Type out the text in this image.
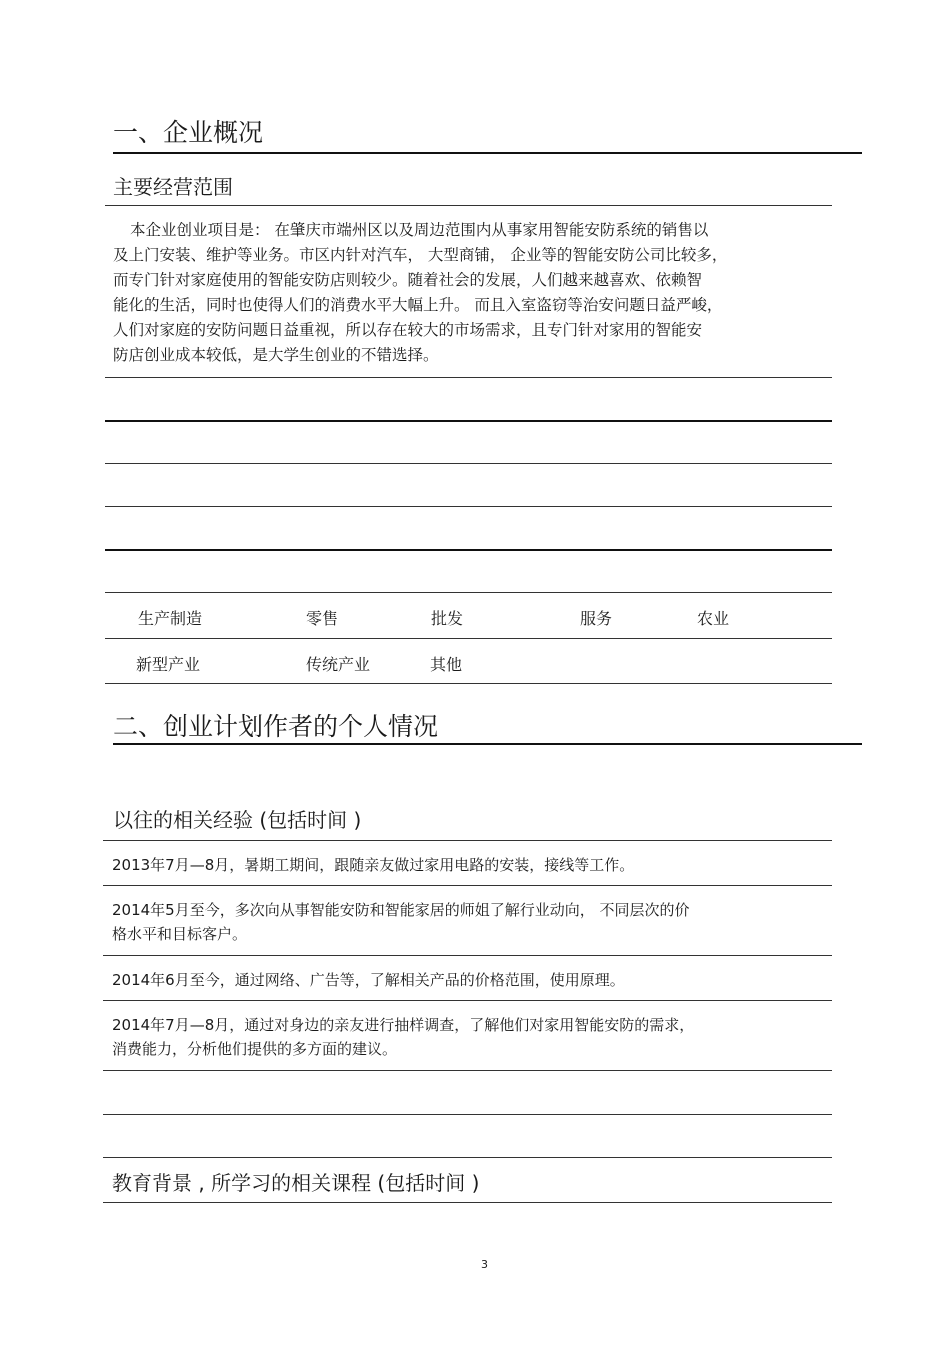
一、企业概况
主要经营范围
本企业创业项目是： 在肇庆市端州区以及周边范围内从事家用智能安防系统的销售以
及上门安装、维护等业务。市区内针对汽车， 大型商铺， 企业等的智能安防公司比较多，
而专门针对家庭使用的智能安防店则较少。随着社会的发展，人们越来越喜欢、依赖智
能化的生活，同时也使得人们的消费水平大幅上升。 而且入室盗窃等治安问题日益严峻，
人们对家庭的安防问题日益重视，所以存在较大的市场需求，且专门针对家用的智能安
防店创业成本较低，是大学生创业的不错选择。
生产制造	零售	批发	服务	农业
新型产业	传统产业	其他
二、创业计划作者的个人情况
以往的相关经验 (包括时间 )
2013年7月—8月，暑期工期间，跟随亲友做过家用电路的安装，接线等工作。
2014年5月至今，多次向从事智能安防和智能家居的师姐了解行业动向， 不同层次的价
格水平和目标客户。
2014年6月至今，通过网络、广告等，了解相关产品的价格范围，使用原理。
2014年7月—8月，通过对身边的亲友进行抽样调查，了解他们对家用智能安防的需求，
消费能力，分析他们提供的多方面的建议。
教育背景 , 所学习的相关课程 (包括时间 )
3
